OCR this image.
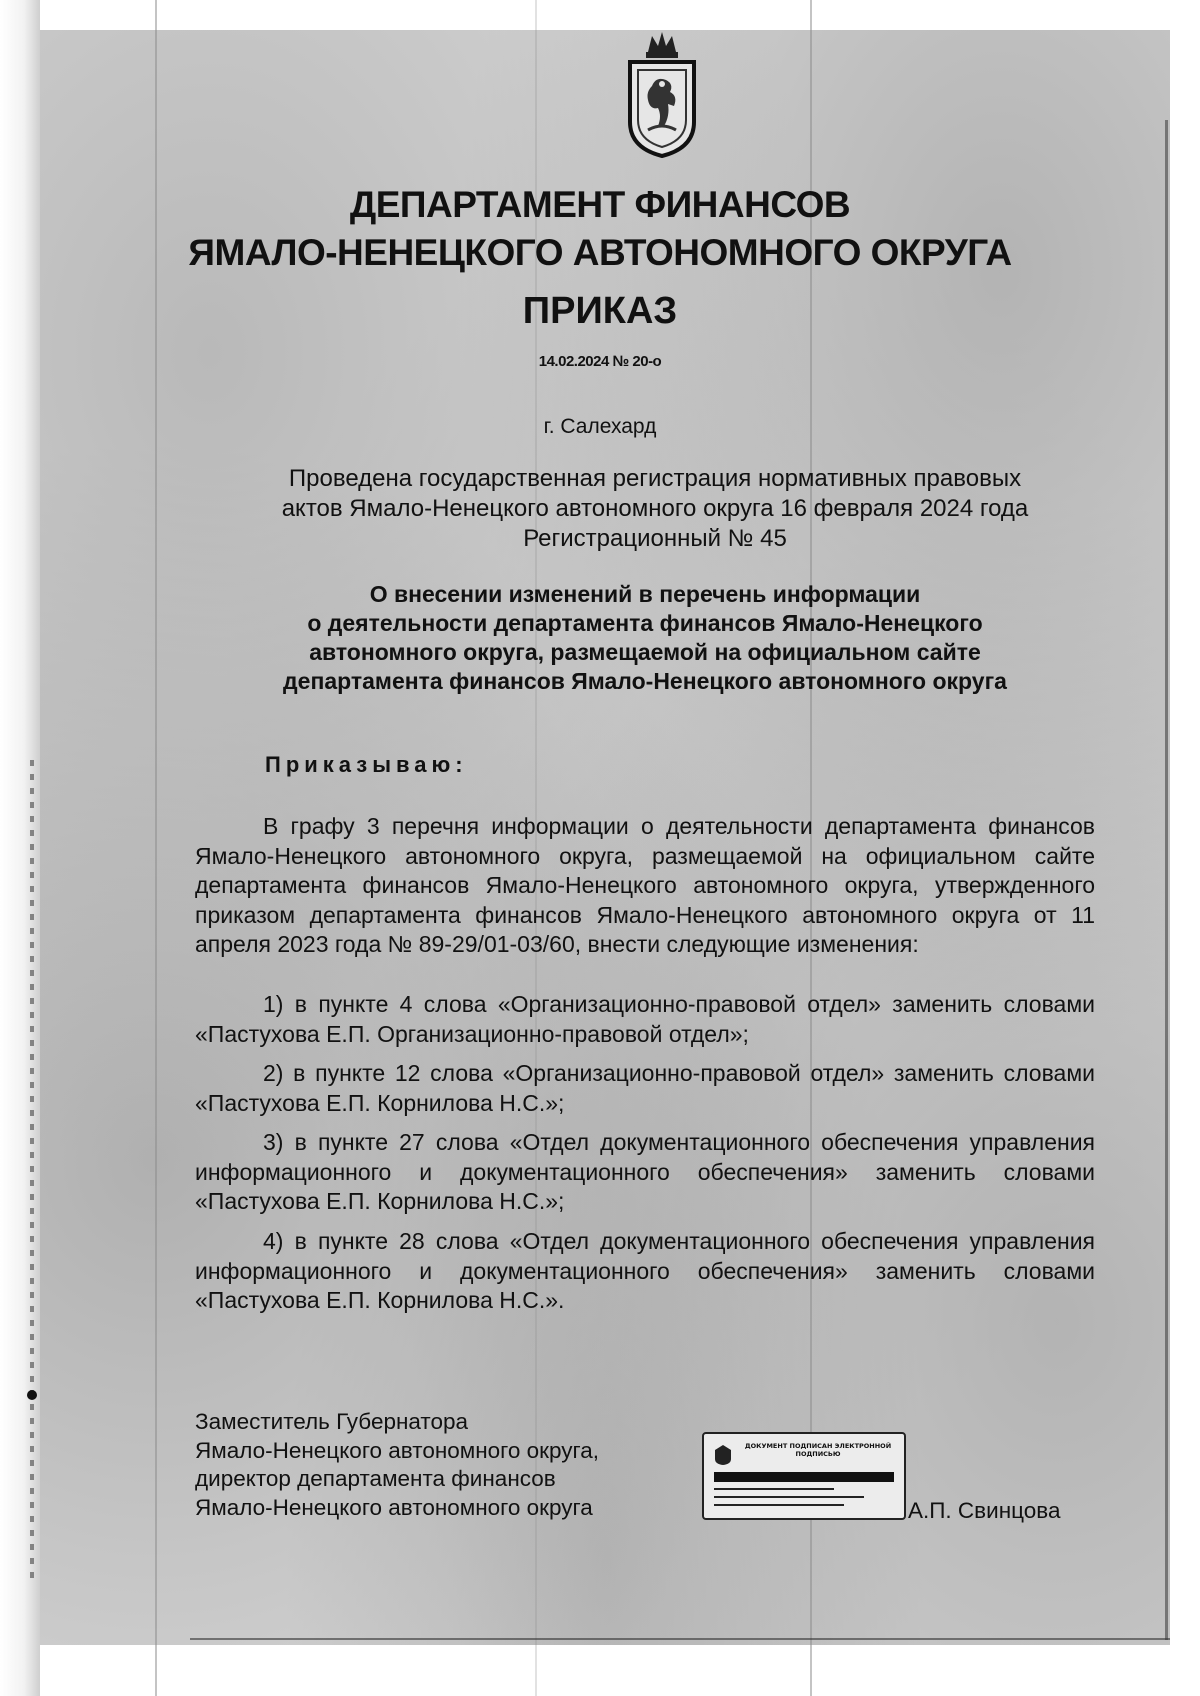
ДЕПАРТАМЕНТ ФИНАНСОВ
ЯМАЛО-НЕНЕЦКОГО АВТОНОМНОГО ОКРУГА
ПРИКАЗ
14.02.2024 № 20-о
г. Салехард
Проведена государственная регистрация нормативных правовых
актов Ямало-Ненецкого автономного округа 16 февраля 2024 года
Регистрационный № 45
О внесении изменений в перечень информации
о деятельности департамента финансов Ямало-Ненецкого
автономного округа, размещаемой на официальном сайте
департамента финансов Ямало-Ненецкого автономного округа
Приказываю:

В графу 3 перечня информации о деятельности департамента финансов Ямало-Ненецкого автономного округа, размещаемой на официальном сайте департамента финансов Ямало-Ненецкого автономного округа, утвержденного приказом департамента финансов Ямало-Ненецкого автономного округа от 11 апреля 2023 года № 89-29/01-03/60, внести следующие изменения:

1) в пункте 4 слова «Организационно-правовой отдел» заменить словами «Пастухова Е.П. Организационно-правовой отдел»;

2) в пункте 12 слова «Организационно-правовой отдел» заменить словами «Пастухова Е.П. Корнилова Н.С.»;

3) в пункте 27 слова «Отдел документационного обеспечения управления информационного и документационного обеспечения» заменить словами «Пастухова Е.П. Корнилова Н.С.»;

4) в пункте 28 слова «Отдел документационного обеспечения управления информационного и документационного обеспечения» заменить словами «Пастухова Е.П. Корнилова Н.С.».

Заместитель Губернатора
Ямало-Ненецкого автономного округа,
директор департамента финансов
Ямало-Ненецкого автономного округа
ДОКУМЕНТ ПОДПИСАН ЭЛЕКТРОННОЙ ПОДПИСЬЮ
А.П. Свинцова
